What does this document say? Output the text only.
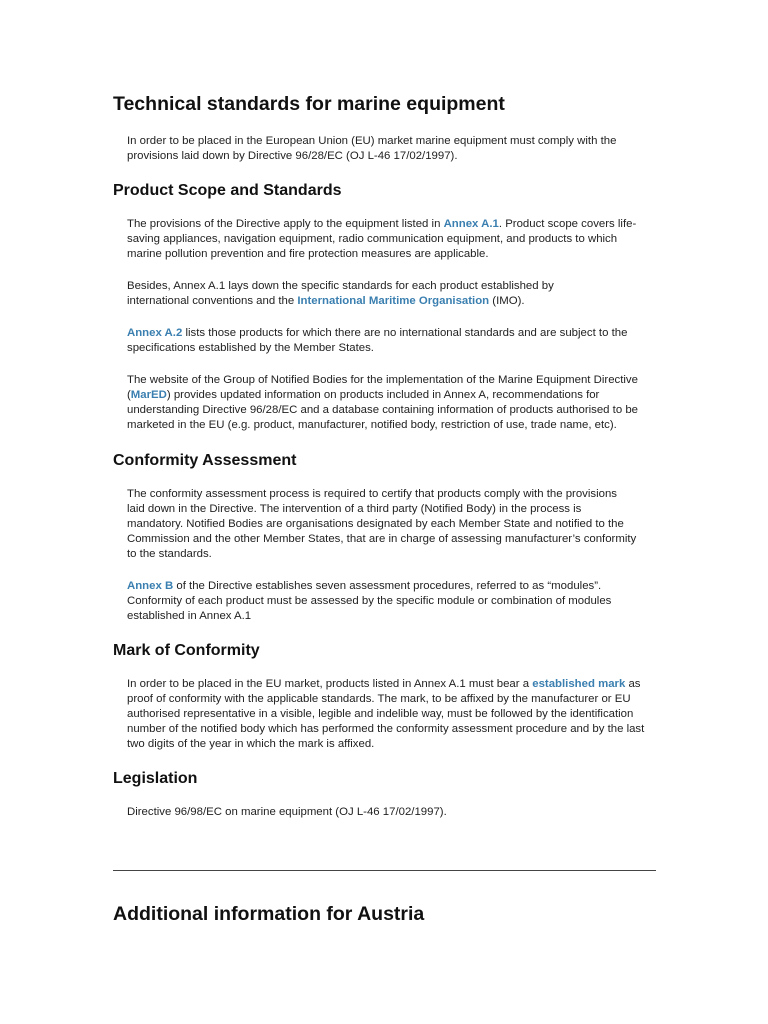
Technical standards for marine equipment

In order to be placed in the European Union (EU) market marine equipment must comply with the provisions laid down by Directive 96/28/EC (OJ L-46 17/02/1997).

Product Scope and Standards

The provisions of the Directive apply to the equipment listed in Annex A.1. Product scope covers life-saving appliances, navigation equipment, radio communication equipment, and products to which marine pollution prevention and fire protection measures are applicable.

Besides, Annex A.1 lays down the specific standards for each product established by international conventions and the International Maritime Organisation (IMO).

Annex A.2 lists those products for which there are no international standards and are subject to the specifications established by the Member States.

The website of the Group of Notified Bodies for the implementation of the Marine Equipment Directive (MarED) provides updated information on products included in Annex A, recommendations for understanding Directive 96/28/EC and a database containing information of products authorised to be marketed in the EU (e.g. product, manufacturer, notified body, restriction of use, trade name, etc).

Conformity Assessment

The conformity assessment process is required to certify that products comply with the provisions laid down in the Directive. The intervention of a third party (Notified Body) in the process is mandatory. Notified Bodies are organisations designated by each Member State and notified to the Commission and the other Member States, that are in charge of assessing manufacturer’s conformity to the standards.

Annex B of the Directive establishes seven assessment procedures, referred to as “modules”. Conformity of each product must be assessed by the specific module or combination of modules established in Annex A.1

Mark of Conformity

In order to be placed in the EU market, products listed in Annex A.1 must bear a established mark as proof of conformity with the applicable standards. The mark, to be affixed by the manufacturer or EU authorised representative in a visible, legible and indelible way, must be followed by the identification number of the notified body which has performed the conformity assessment procedure and by the last two digits of the year in which the mark is affixed.

Legislation

Directive 96/98/EC on marine equipment (OJ L-46 17/02/1997).

Additional information for Austria
